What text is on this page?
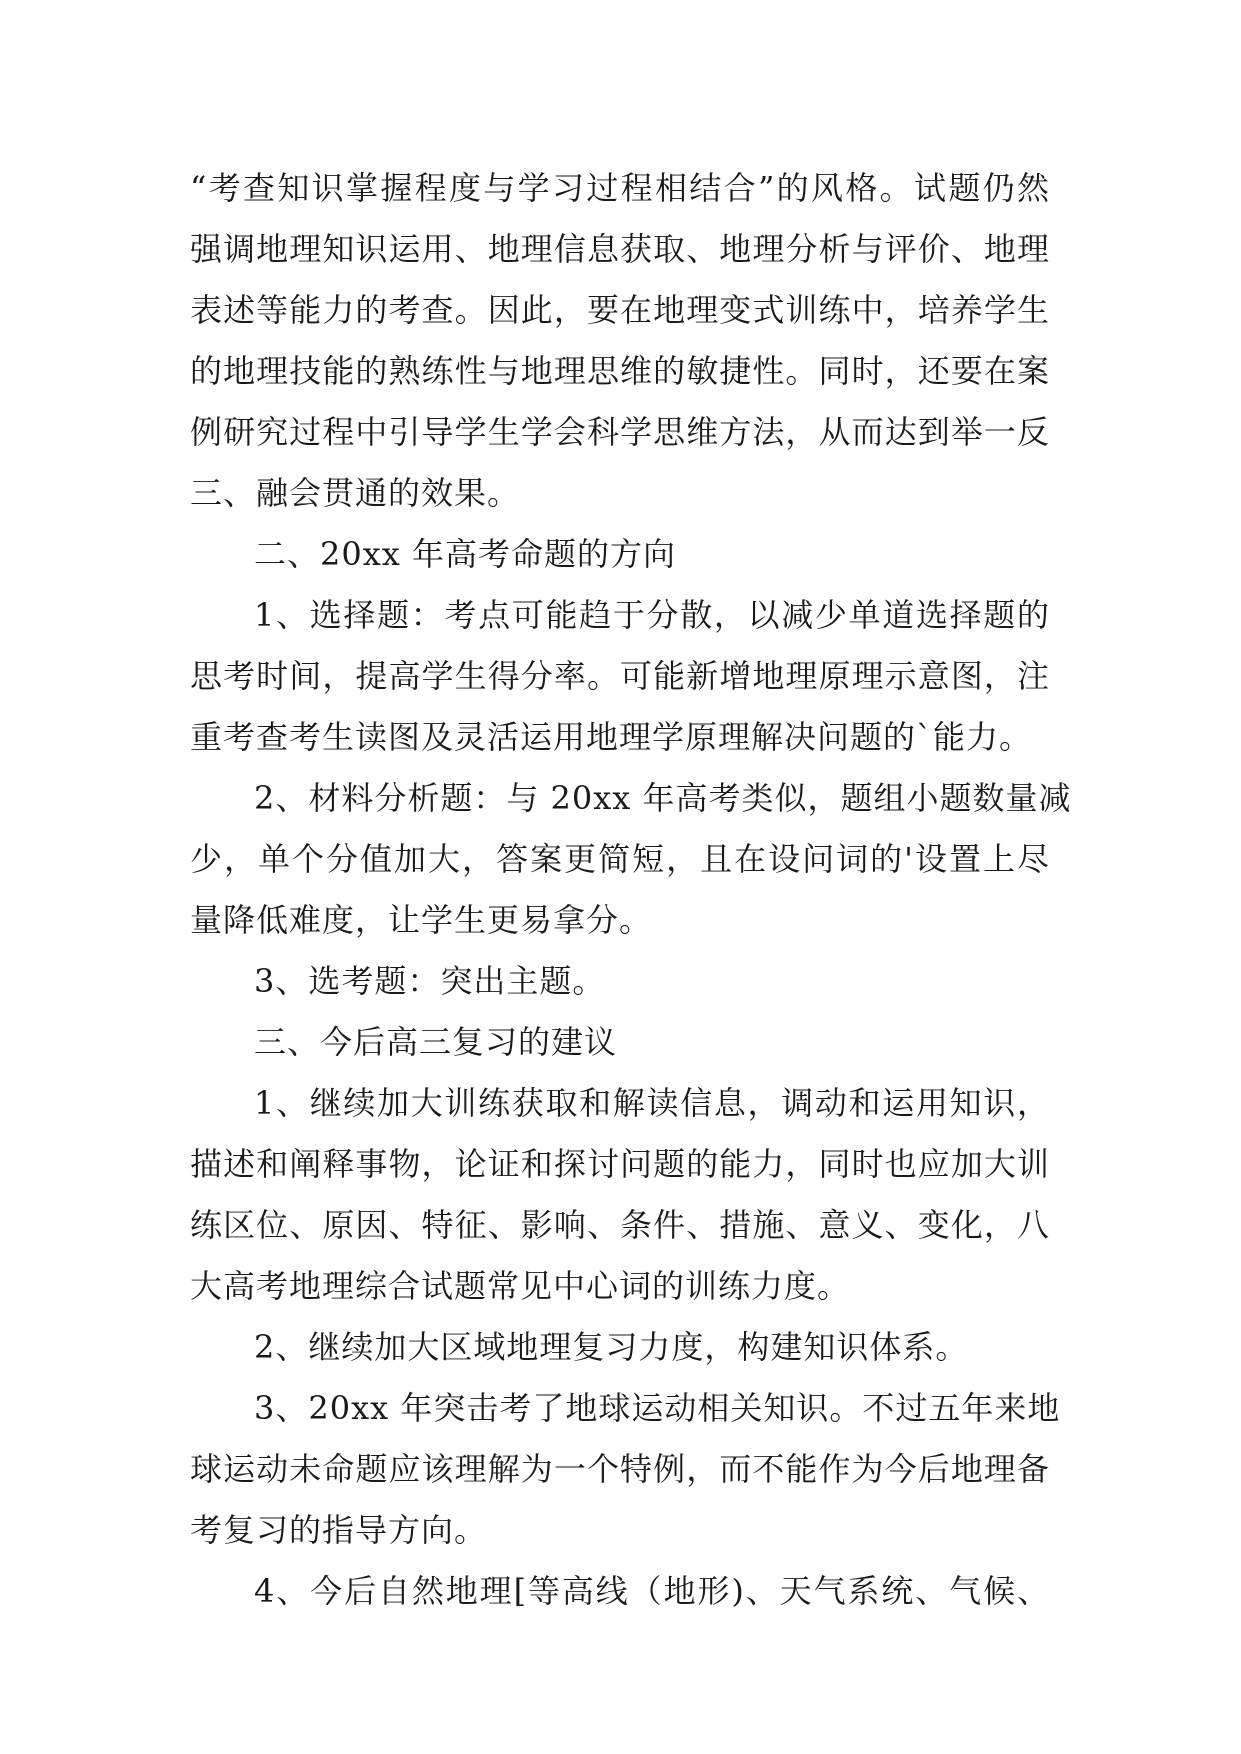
“考查知识掌握程度与学习过程相结合”的风格。试题仍然
强调地理知识运用、地理信息获取、地理分析与评价、地理
表述等能力的考查。因此，要在地理变式训练中，培养学生
的地理技能的熟练性与地理思维的敏捷性。同时，还要在案
例研究过程中引导学生学会科学思维方法，从而达到举一反
三、融会贯通的效果。
二、20xx 年高考命题的方向
1、选择题：考点可能趋于分散，以减少单道选择题的
思考时间，提高学生得分率。可能新增地理原理示意图，注
重考查考生读图及灵活运用地理学原理解决问题的`能力。
2、材料分析题：与 20xx 年高考类似，题组小题数量减
少，单个分值加大，答案更简短，且在设问词的'设置上尽
量降低难度，让学生更易拿分。
3、选考题：突出主题。
三、今后高三复习的建议
1、继续加大训练获取和解读信息，调动和运用知识，
描述和阐释事物，论证和探讨问题的能力，同时也应加大训
练区位、原因、特征、影响、条件、措施、意义、变化，八
大高考地理综合试题常见中心词的训练力度。
2、继续加大区域地理复习力度，构建知识体系。
3、20xx 年突击考了地球运动相关知识。不过五年来地
球运动未命题应该理解为一个特例，而不能作为今后地理备
考复习的指导方向。
4、今后自然地理[等高线（地形)、天气系统、气候、
